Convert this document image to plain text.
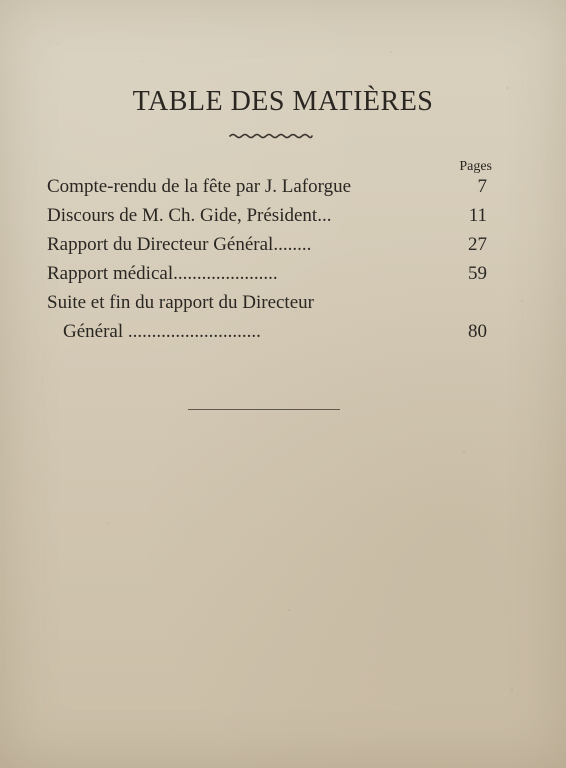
TABLE DES MATIÈRES
Pages
Compte-rendu de la fête par J. Laforgue	7
Discours de M. Ch. Gide, Président...	11
Rapport du Directeur Général........	27
Rapport médical......................	59
Suite et fin du rapport du Directeur
Général ............................	80
